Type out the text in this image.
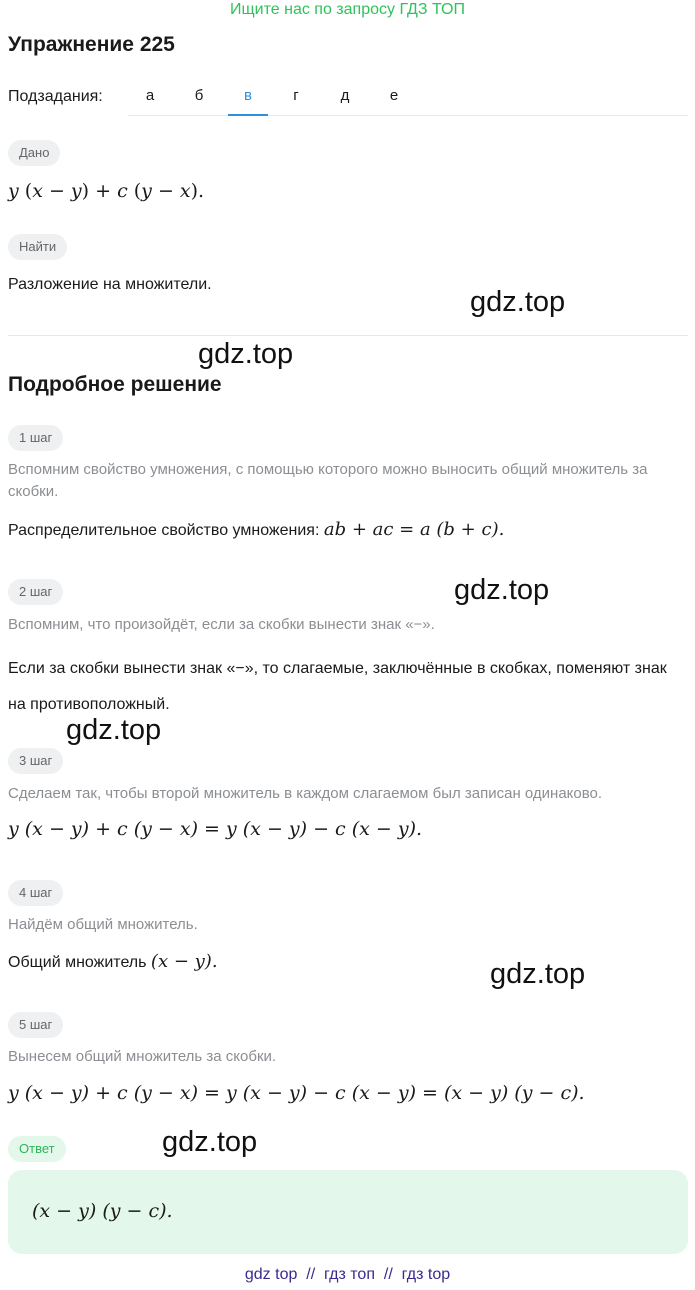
Ищите нас по запросу ГДЗ ТОП
Упражнение 225
Подзадания:	а	б	в	г	д	е
Дано
y (x − y) + c (y − x).
Найти
Разложение на множители.
gdz.top
gdz.top
Подробное решение
1 шаг
Вспомним свойство умножения, с помощью которого можно выносить общий множитель за скобки.
Распределительное свойство умножения: ab + ac = a (b + c).
2 шаг	gdz.top
Вспомним, что произойдёт, если за скобки вынести знак «−».
Если за скобки вынести знак «−», то слагаемые, заключённые в скобках, поменяют знак на противоположный.
gdz.top
3 шаг
Сделаем так, чтобы второй множитель в каждом слагаемом был записан одинаково.
y (x − y) + c (y − x) = y (x − y) − c (x − y).
4 шаг
Найдём общий множитель.
Общий множитель (x − y).	gdz.top
5 шаг
Вынесем общий множитель за скобки.
y (x − y) + c (y − x) = y (x − y) − c (x − y) = (x − y) (y − c).
Ответ
(x − y) (y − c).
gdz.top
gdz top  //  гдз топ  //  гдз top
